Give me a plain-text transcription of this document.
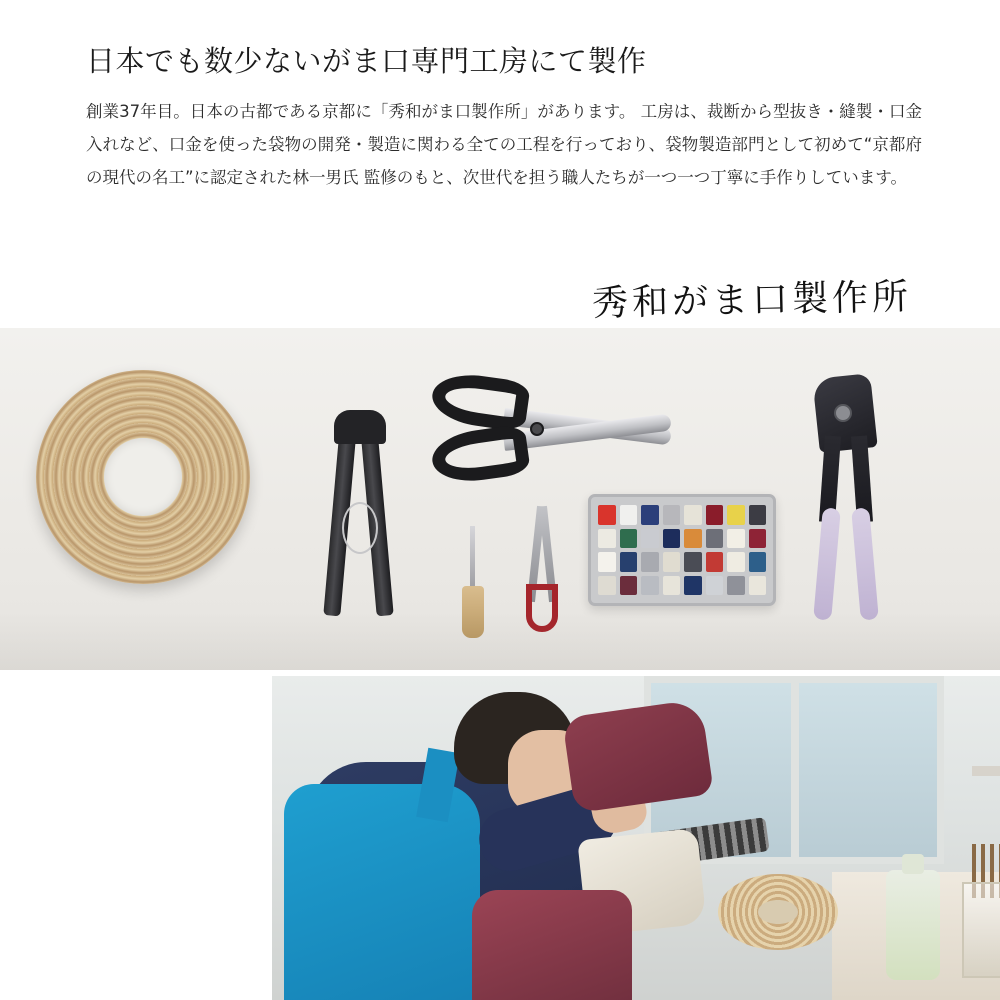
日本でも数少ないがま口専門工房にて製作

創業37年目。日本の古都である京都に「秀和がま口製作所」があります。 工房は、裁断から型抜き・縫製・口金入れなど、口金を使った袋物の開発・製造に関わる全ての工程を行っており、袋物製造部門として初めて“京都府の現代の名工”に認定された林一男氏 監修のもと、次世代を担う職人たちが一つ一つ丁寧に手作りしています。

秀和がま口製作所
